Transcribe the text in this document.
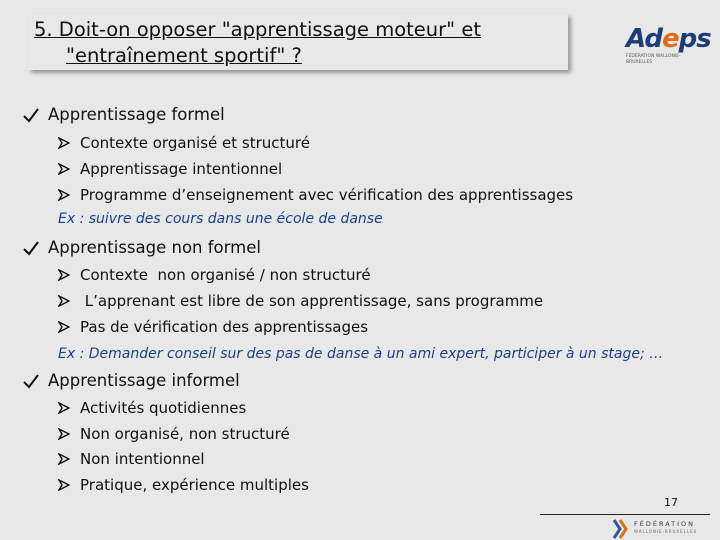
5. Doit-on opposer "apprentissage moteur" et
"entraînement sportif" ?
Adeps
FÉDÉRATION WALLONIE-BRUXELLES
Apprentissage formel
Contexte organisé et structuré
Apprentissage intentionnel
Programme d’enseignement avec vérification des apprentissages
Ex : suivre des cours dans une école de danse
Apprentissage non formel
Contexte  non organisé / non structuré
L’apprenant est libre de son apprentissage, sans programme
Pas de vérification des apprentissages
Ex : Demander conseil sur des pas de danse à un ami expert, participer à un stage; …
Apprentissage informel
Activités quotidiennes
Non organisé, non structuré
Non intentionnel
Pratique, expérience multiples
17
FÉDÉRATION
WALLONIE-BRUXELLES
